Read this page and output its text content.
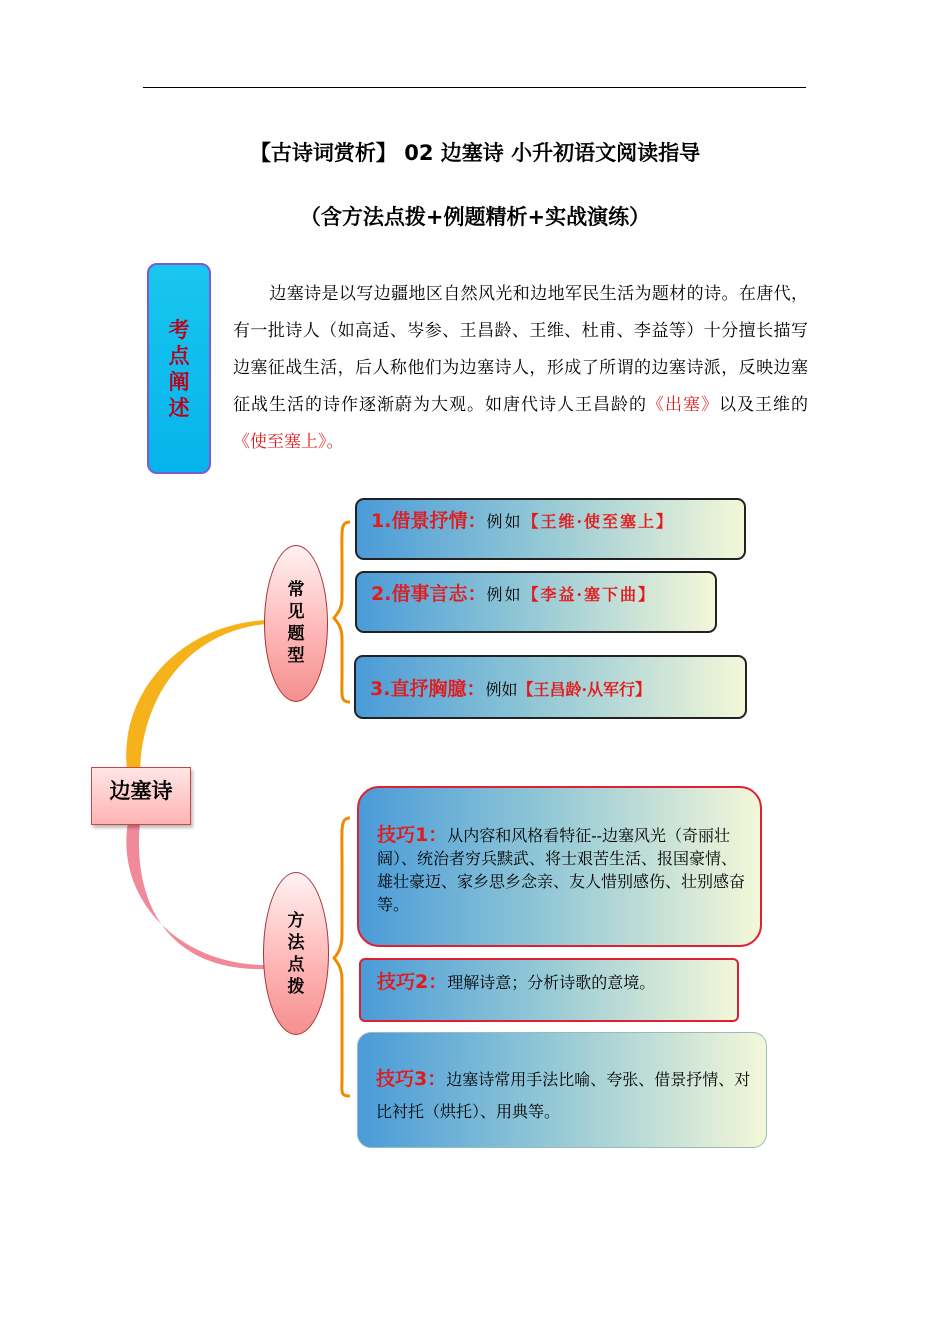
【古诗词赏析】 02 边塞诗 小升初语文阅读指导
（含方法点拨+例题精析+实战演练）
考
点
阐
述
边塞诗是以写边疆地区自然风光和边地军民生活为题材的诗。在唐代，有一批诗人（如高适、岑参、王昌龄、王维、杜甫、李益等）十分擅长描写边塞征战生活，后人称他们为边塞诗人，形成了所谓的边塞诗派，反映边塞征战生活的诗作逐渐蔚为大观。如唐代诗人王昌龄的《出塞》以及王维的《使至塞上》。
边塞诗
常
见
题
型
方
法
点
拨
1.借景抒情：例如【王维·使至塞上】
2.借事言志：例如【李益·塞下曲】
3.直抒胸臆：例如【王昌龄·从军行】
技巧1：从内容和风格看特征--边塞风光（奇丽壮阔）、统治者穷兵黩武、将士艰苦生活、报国豪情、雄壮豪迈、家乡思乡念亲、友人惜别感伤、壮别感奋等。
技巧2：理解诗意；分析诗歌的意境。
技巧3：边塞诗常用手法比喻、夸张、借景抒情、对比衬托（烘托）、用典等。
